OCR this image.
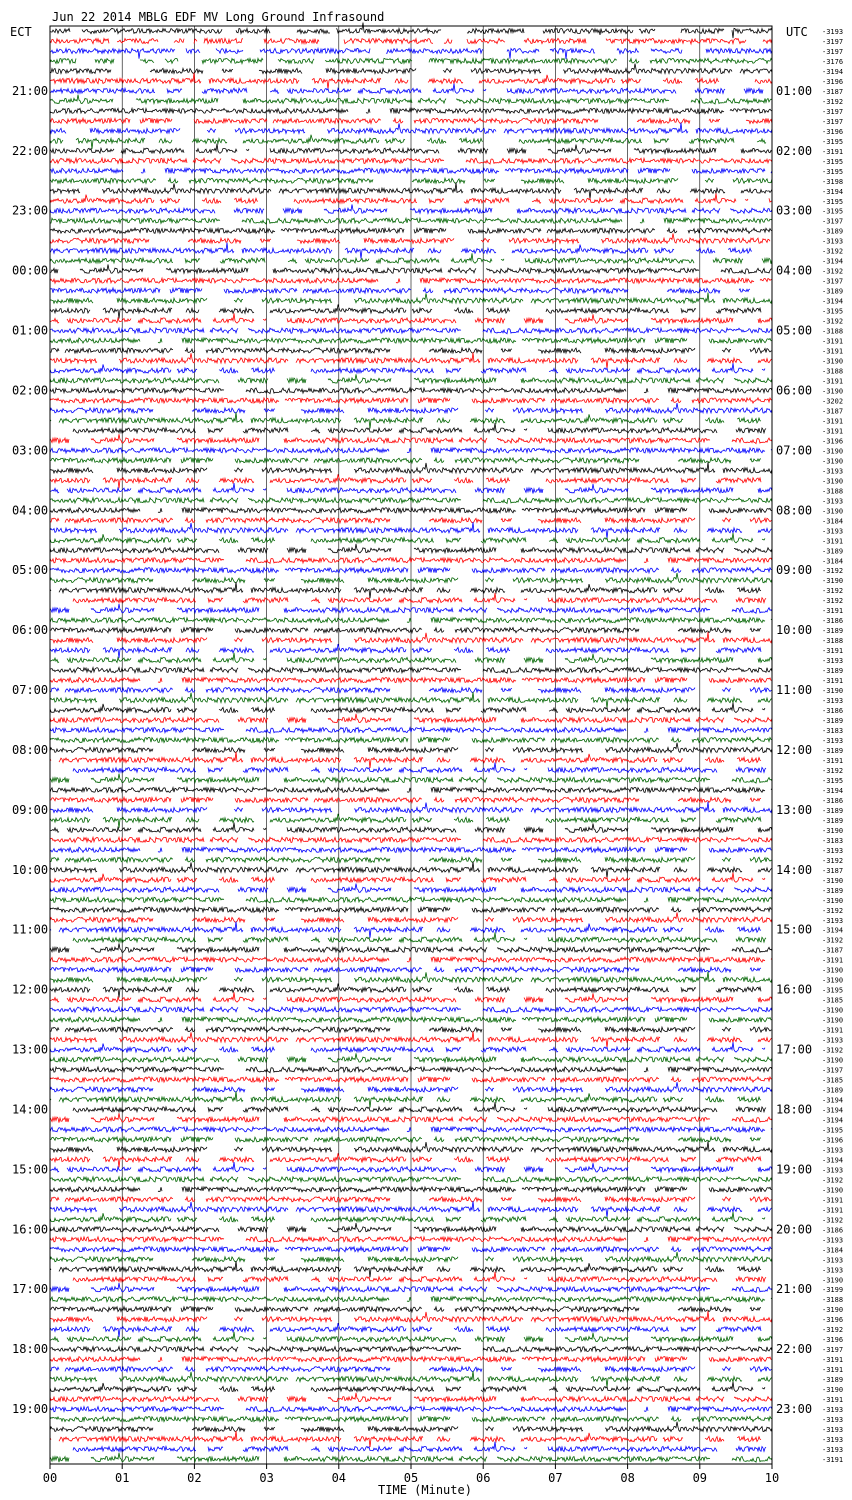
Jun 22 2014 MBLG EDF MV Long Ground Infrasound
ECT	UTC
21:00
22:00
23:00
00:00
01:00
02:00
03:00
04:00
05:00
06:00
07:00
08:00
09:00
10:00
11:00
12:00
13:00
14:00
15:00
16:00
17:00
18:00
19:00
01:00
02:00
03:00
04:00
05:00
06:00
07:00
08:00
09:00
10:00
11:00
12:00
13:00
14:00
15:00
16:00
17:00
18:00
19:00
20:00
21:00
22:00
23:00
-3193
-3197
-3197
-3176
-3194
-3196
-3187
-3192
-3197
-3197
-3196
-3195
-3191
-3195
-3195
-3198
-3194
-3195
-3195
-3197
-3189
-3193
-3192
-3194
-3192
-3197
-3189
-3194
-3195
-3192
-3188
-3191
-3191
-3190
-3188
-3191
-3190
-3202
-3187
-3191
-3191
-3196
-3190
-3190
-3193
-3190
-3188
-3193
-3190
-3184
-3193
-3191
-3189
-3184
-3192
-3190
-3192
-3192
-3191
-3186
-3189
-3188
-3191
-3193
-3189
-3191
-3190
-3193
-3186
-3189
-3183
-3193
-3189
-3191
-3192
-3195
-3194
-3186
-3189
-3189
-3190
-3183
-3193
-3192
-3187
-3190
-3189
-3190
-3192
-3193
-3194
-3192
-3187
-3191
-3190
-3190
-3195
-3185
-3190
-3190
-3191
-3193
-3192
-3190
-3197
-3185
-3189
-3194
-3194
-3194
-3195
-3196
-3193
-3194
-3193
-3192
-3190
-3191
-3191
-3192
-3186
-3193
-3184
-3193
-3193
-3190
-3199
-3188
-3190
-3196
-3192
-3196
-3197
-3191
-3191
-3189
-3190
-3191
-3193
-3193
-3193
-3193
-3193
-3191
00	01	02	03	04	05	06	07	08	09	10
TIME (Minute)
